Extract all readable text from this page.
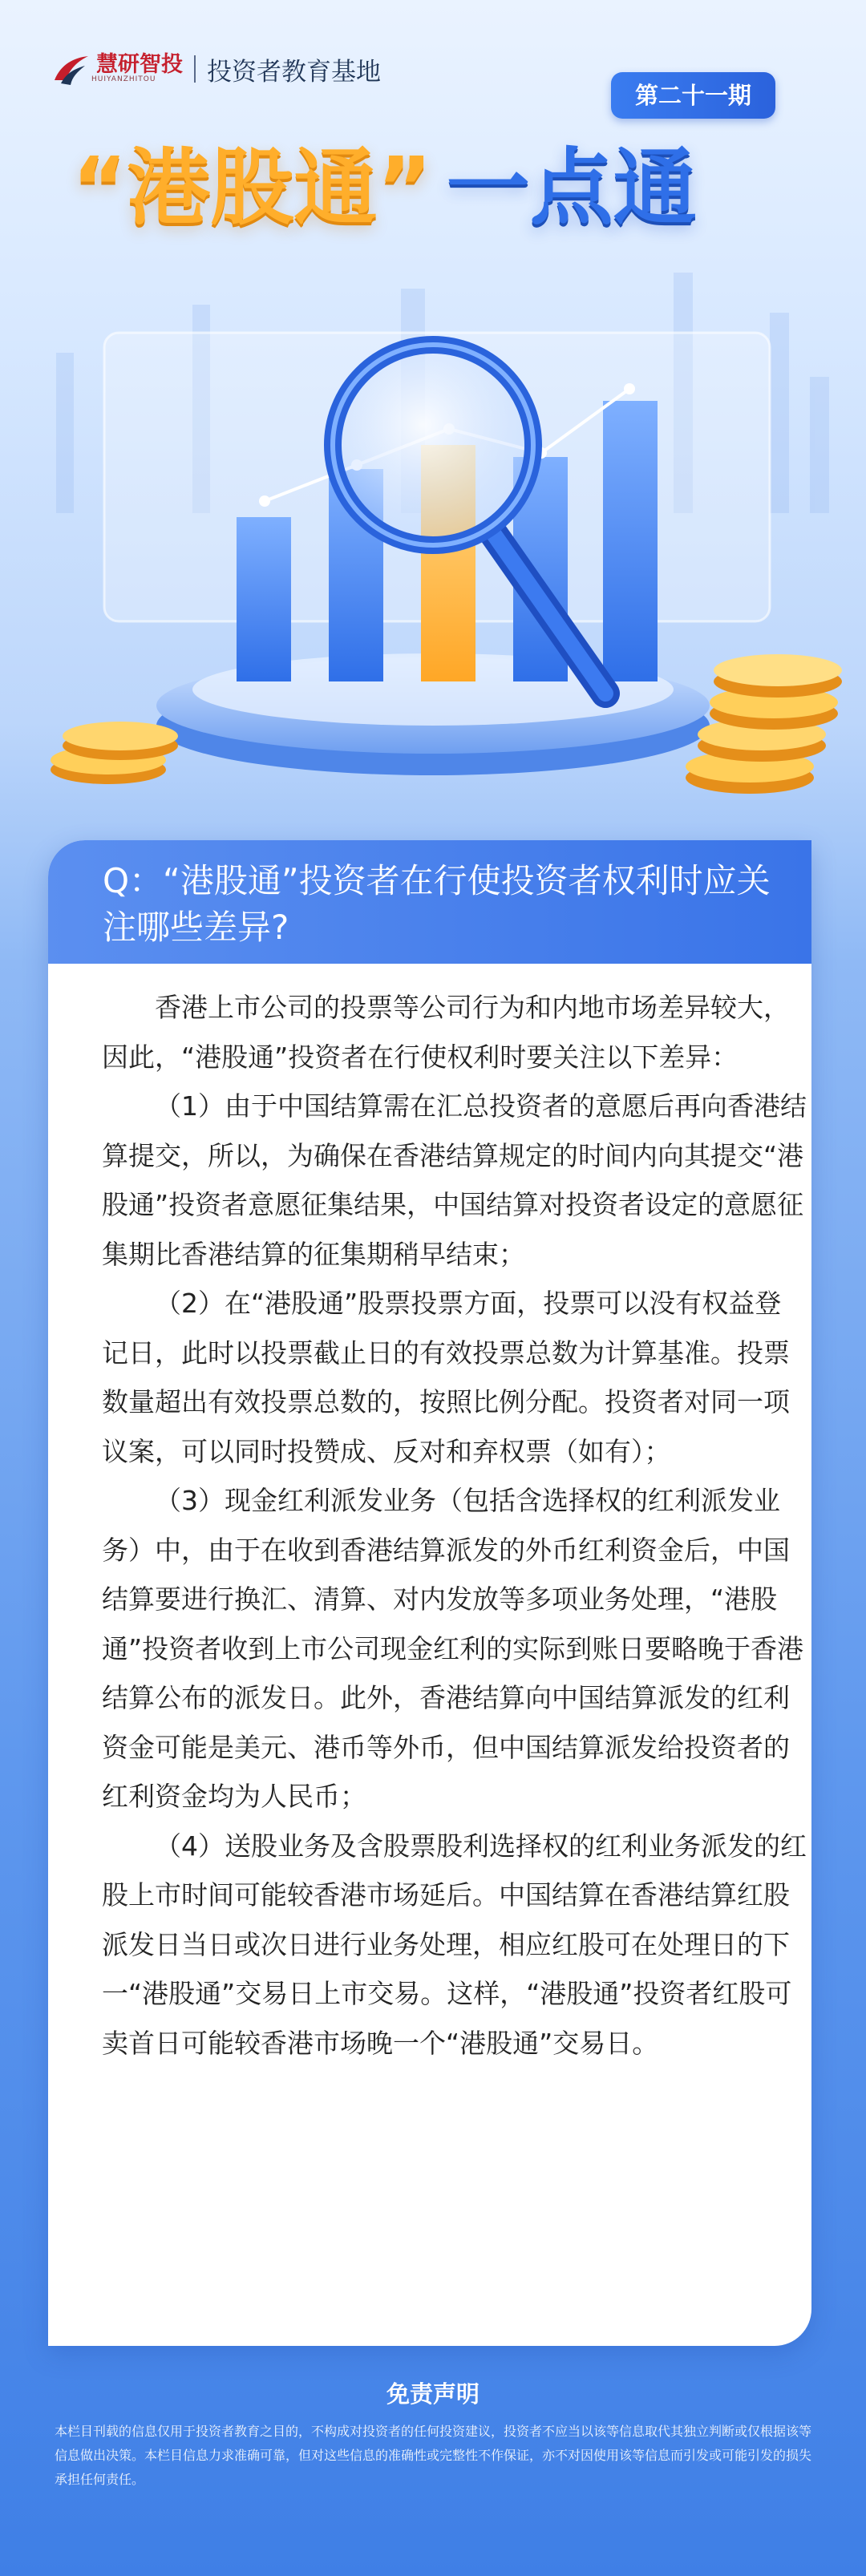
慧研智投
HUIYANZHITOU	投资者教育基地
第二十一期
“港股通” 一点通
Q：“港股通”投资者在行使投资者权利时应关注哪些差异?

香港上市公司的投票等公司行为和内地市场差异较大，因此，“港股通”投资者在行使权利时要关注以下差异：

（1）由于中国结算需在汇总投资者的意愿后再向香港结算提交，所以，为确保在香港结算规定的时间内向其提交“港股通”投资者意愿征集结果，中国结算对投资者设定的意愿征集期比香港结算的征集期稍早结束；

（2）在“港股通”股票投票方面，投票可以没有权益登记日，此时以投票截止日的有效投票总数为计算基准。投票数量超出有效投票总数的，按照比例分配。投资者对同一项议案，可以同时投赞成、反对和弃权票（如有）；

（3）现金红利派发业务（包括含选择权的红利派发业务）中，由于在收到香港结算派发的外币红利资金后，中国结算要进行换汇、清算、对内发放等多项业务处理，“港股通”投资者收到上市公司现金红利的实际到账日要略晚于香港结算公布的派发日。此外，香港结算向中国结算派发的红利资金可能是美元、港币等外币，但中国结算派发给投资者的红利资金均为人民币；

（4）送股业务及含股票股利选择权的红利业务派发的红股上市时间可能较香港市场延后。中国结算在香港结算红股派发日当日或次日进行业务处理，相应红股可在处理日的下一“港股通”交易日上市交易。这样，“港股通”投资者红股可卖首日可能较香港市场晚一个“港股通”交易日。

免责声明
本栏目刊载的信息仅用于投资者教育之目的，不构成对投资者的任何投资建议，投资者不应当以该等信息取代其独立判断或仅根据该等信息做出决策。本栏目信息力求准确可靠，但对这些信息的准确性或完整性不作保证，亦不对因使用该等信息而引发或可能引发的损失承担任何责任。
